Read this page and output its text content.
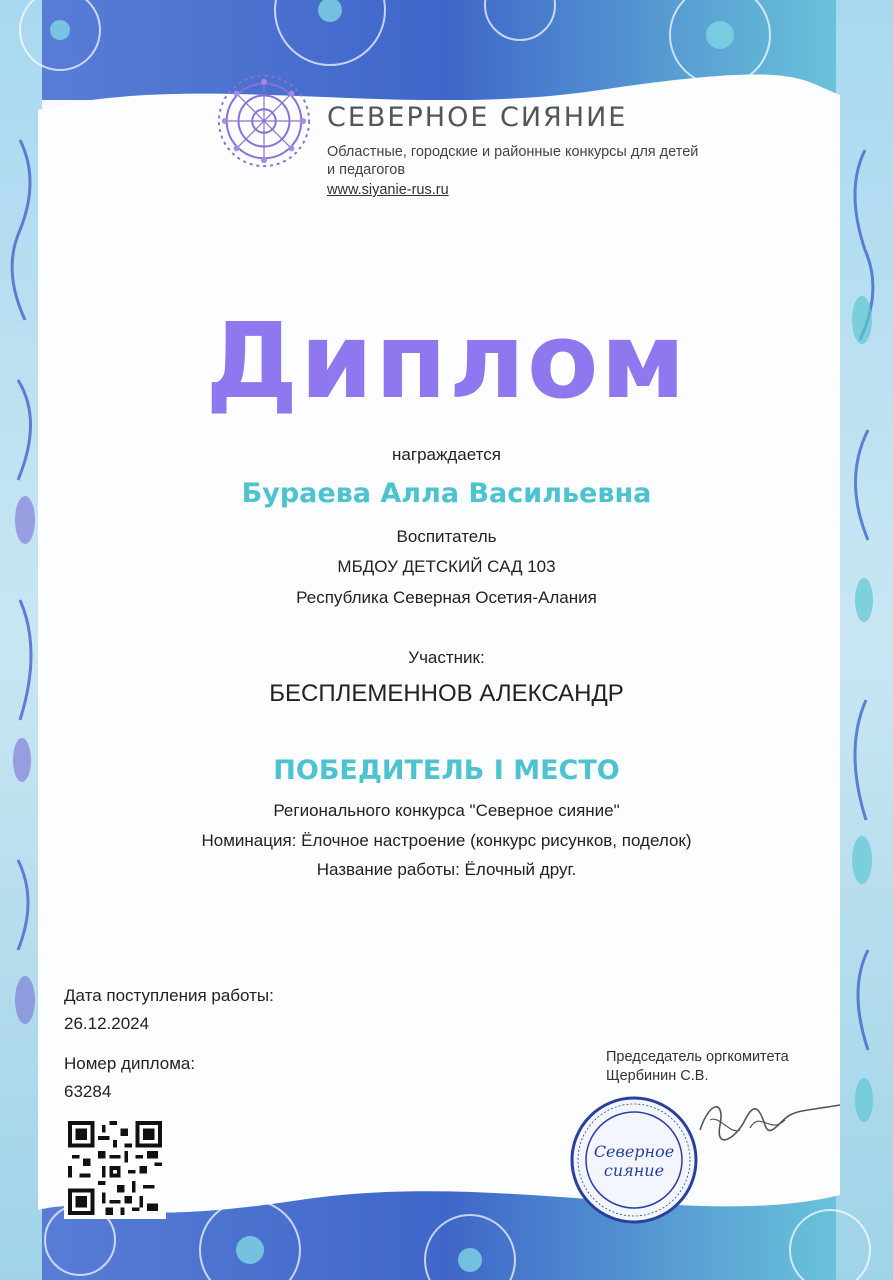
СЕВЕРНОЕ СИЯНИЕ
Областные, городские и районные конкурсы для детей и педагогов
www.siyanie-rus.ru
Диплом
награждается
Бураева Алла Васильевна
Воспитатель
МБДОУ ДЕТСКИЙ САД 103
Республика Северная Осетия-Алания
Участник:
БЕСПЛЕМЕННОВ АЛЕКСАНДР
ПОБЕДИТЕЛЬ I МЕСТО
Регионального конкурса "Северное сияние"
Номинация: Ёлочное настроение (конкурс рисунков, поделок)
Название работы: Ёлочный друг.
Дата поступления работы:
26.12.2024
Номер диплома:
63284
Председатель оргкомитета
Щербинин С.В.
Северное
сияние
